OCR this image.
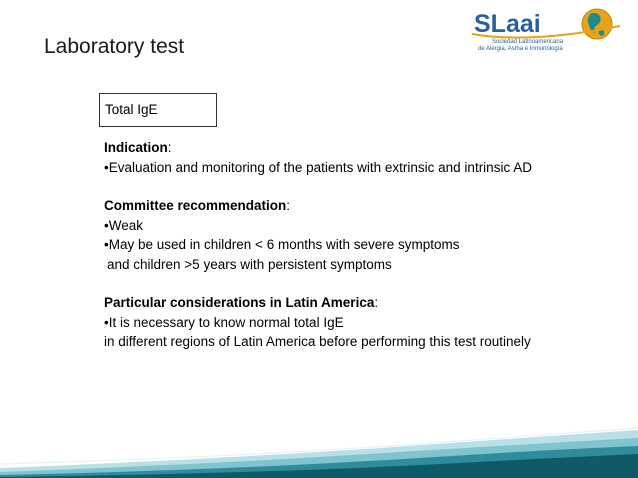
Laboratory test
SLaai
Sociedad Latinoamericana
de Alergia, Asma e Inmunología
Total IgE
Indication:
•Evaluation and monitoring of the patients with extrinsic and intrinsic AD
Committee recommendation:
•Weak
•May be used in children < 6 months with severe symptoms
and children >5 years with persistent symptoms
Particular considerations in Latin America:
•It is necessary to know normal total IgE
in different regions of Latin America before performing this test routinely
